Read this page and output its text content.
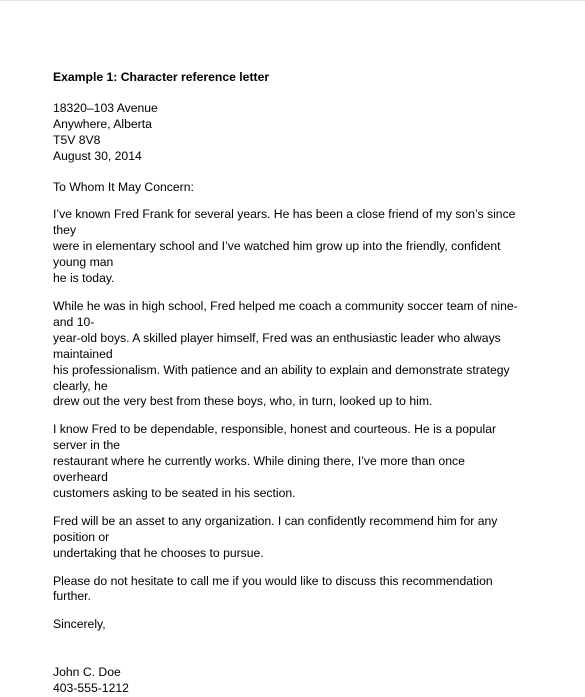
Example 1: Character reference letter

18320–103 Avenue

Anywhere, Alberta

T5V 8V8

August 30, 2014

To Whom It May Concern:

I’ve known Fred Frank for several years. He has been a close friend of my son’s since they
were in elementary school and I’ve watched him grow up into the friendly, confident young man
he is today.

While he was in high school, Fred helped me coach a community soccer team of nine- and 10-
year-old boys. A skilled player himself, Fred was an enthusiastic leader who always maintained
his professionalism. With patience and an ability to explain and demonstrate strategy clearly, he
drew out the very best from these boys, who, in turn, looked up to him.

I know Fred to be dependable, responsible, honest and courteous. He is a popular server in the
restaurant where he currently works. While dining there, I’ve more than once overheard
customers asking to be seated in his section.

Fred will be an asset to any organization. I can confidently recommend him for any position or
undertaking that he chooses to pursue.

Please do not hesitate to call me if you would like to discuss this recommendation further.

Sincerely,

John C. Doe

403-555-1212
